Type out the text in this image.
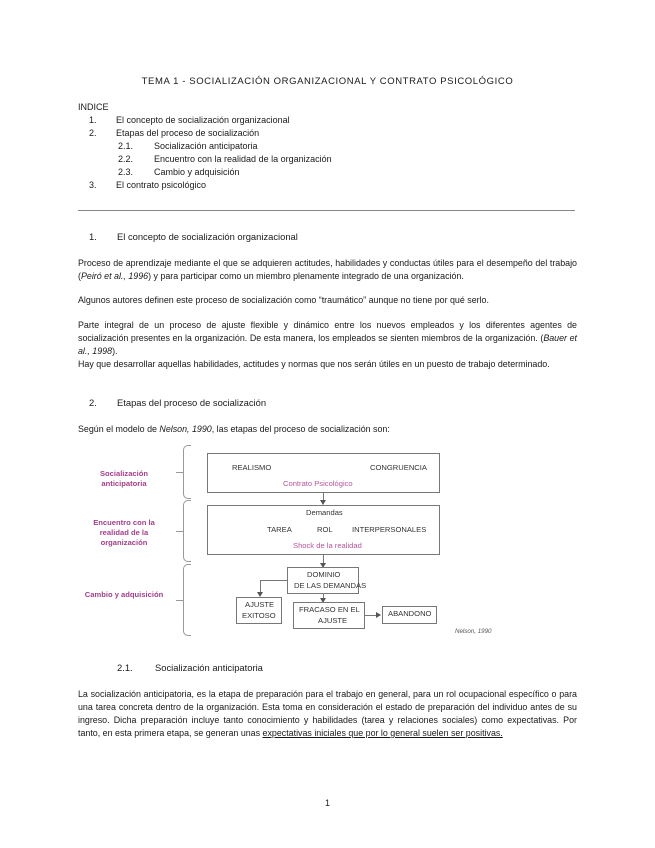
TEMA 1 - SOCIALIZACIÓN ORGANIZACIONAL Y CONTRATO PSICOLÓGICO
INDICE
1. El concepto de socialización organizacional
2. Etapas del proceso de socialización
2.1. Socialización anticipatoria
2.2. Encuentro con la realidad de la organización
2.3. Cambio y adquisición
3. El contrato psicológico
1. El concepto de socialización organizacional
Proceso de aprendizaje mediante el que se adquieren actitudes, habilidades y conductas útiles para el desempeño del trabajo (Peiró et al., 1996) y para participar como un miembro plenamente integrado de una organización.
Algunos autores definen este proceso de socialización como “traumático” aunque no tiene por qué serlo.
Parte integral de un proceso de ajuste flexible y dinámico entre los nuevos empleados y los diferentes agentes de socialización presentes en la organización. De esta manera, los empleados se sienten miembros de la organización. (Bauer et al., 1998).
Hay que desarrollar aquellas habilidades, actitudes y normas que nos serán útiles en un puesto de trabajo determinado.
2. Etapas del proceso de socialización
Según el modelo de Nelson, 1990, las etapas del proceso de socialización son:
Socialización anticipatoria
Encuentro con la realidad de la organización
Cambio y adquisición
REALISMO	CONGRUENCIA
Contrato Psicológico
Demandas
TAREA	ROL	INTERPERSONALES
Shock de la realidad
DOMINIO
DE LAS DEMANDAS
AJUSTE
EXITOSO
FRACASO EN EL
AJUSTE
ABANDONO
Nelson, 1990
2.1. Socialización anticipatoria
La socialización anticipatoria, es la etapa de preparación para el trabajo en general, para un rol ocupacional específico o para una tarea concreta dentro de la organización. Esta toma en consideración el estado de preparación del individuo antes de su ingreso. Dicha preparación incluye tanto conocimiento y habilidades (tarea y relaciones sociales) como expectativas. Por tanto, en esta primera etapa, se generan unas expectativas iniciales que por lo general suelen ser positivas.
1
